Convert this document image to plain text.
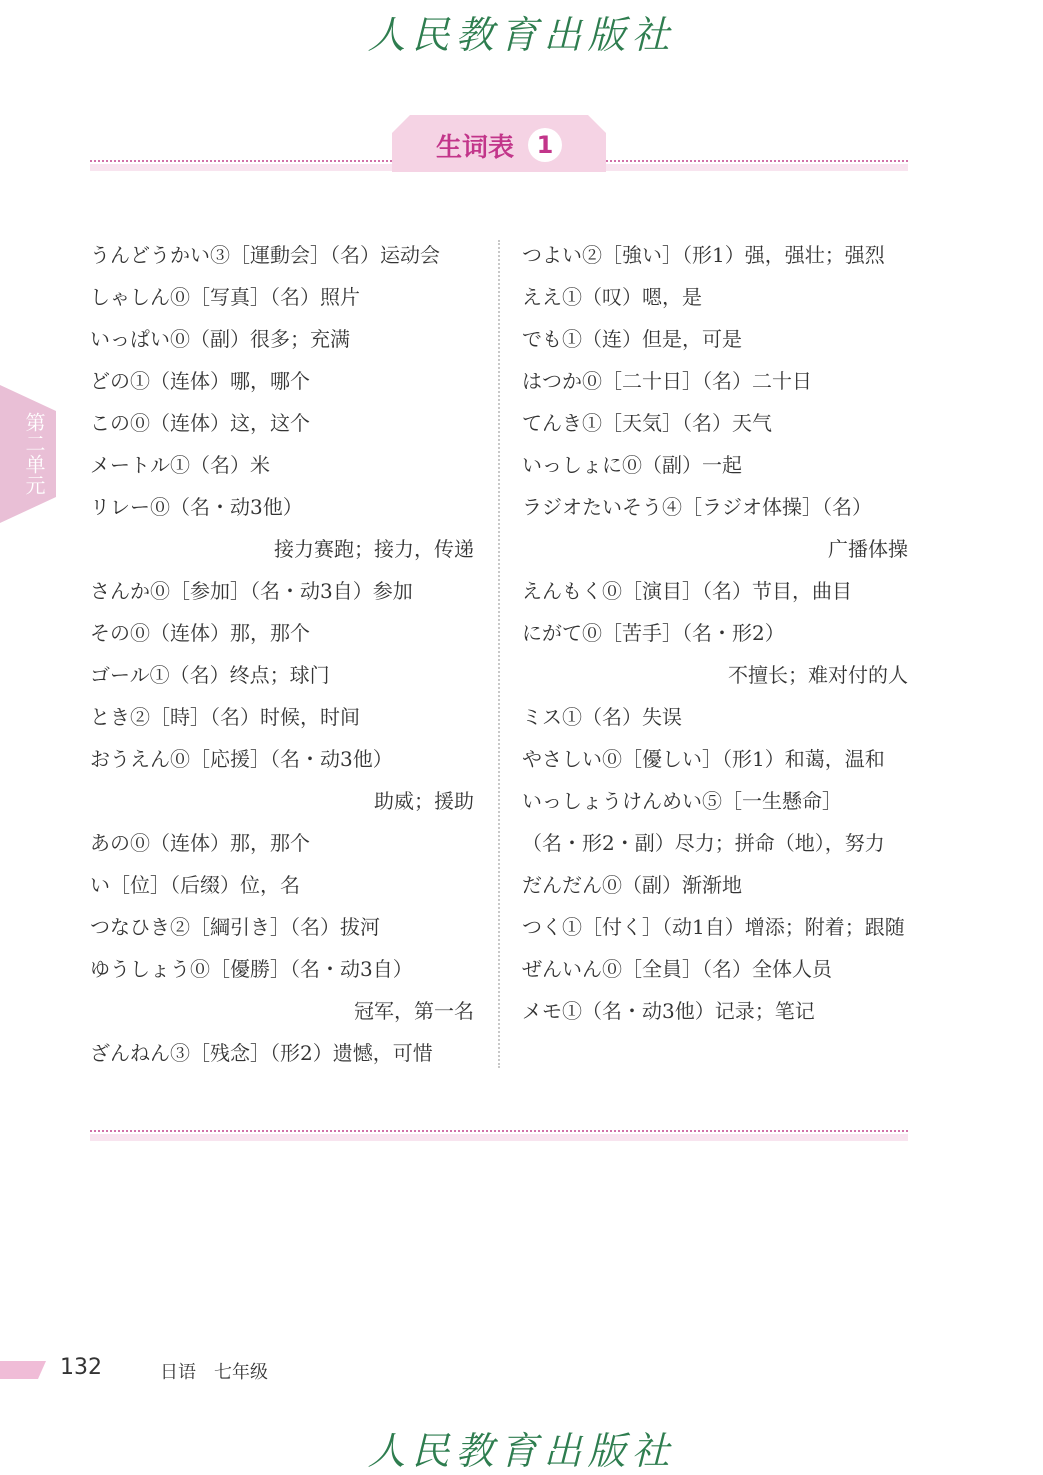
人民教育出版社
生词表 1
第二单元
うんどうかい③［運動会］（名）运动会
しゃしん⓪［写真］（名）照片
いっぱい⓪（副）很多；充满
どの①（连体）哪，哪个
この⓪（连体）这，这个
メートル①（名）米
リレー⓪（名・动3他）
接力赛跑；接力，传递
さんか⓪［参加］（名・动3自）参加
その⓪（连体）那，那个
ゴール①（名）终点；球门
とき②［時］（名）时候，时间
おうえん⓪［応援］（名・动3他）
助威；援助
あの⓪（连体）那，那个
い［位］（后缀）位，名
つなひき②［綱引き］（名）拔河
ゆうしょう⓪［優勝］（名・动3自）
冠军，第一名
ざんねん③［残念］（形2）遗憾，可惜
つよい②［強い］（形1）强，强壮；强烈
ええ①（叹）嗯，是
でも①（连）但是，可是
はつか⓪［二十日］（名）二十日
てんき①［天気］（名）天气
いっしょに⓪（副）一起
ラジオたいそう④［ラジオ体操］（名）
广播体操
えんもく⓪［演目］（名）节目，曲目
にがて⓪［苦手］（名・形2）
不擅长；难对付的人
ミス①（名）失误
やさしい⓪［優しい］（形1）和蔼，温和
いっしょうけんめい⑤［一生懸命］
（名・形2・副）尽力；拼命（地），努力
だんだん⓪（副）渐渐地
つく①［付く］（动1自）增添；附着；跟随
ぜんいん⓪［全員］（名）全体人员
メモ①（名・动3他）记录；笔记
132	日语　七年级
人民教育出版社
